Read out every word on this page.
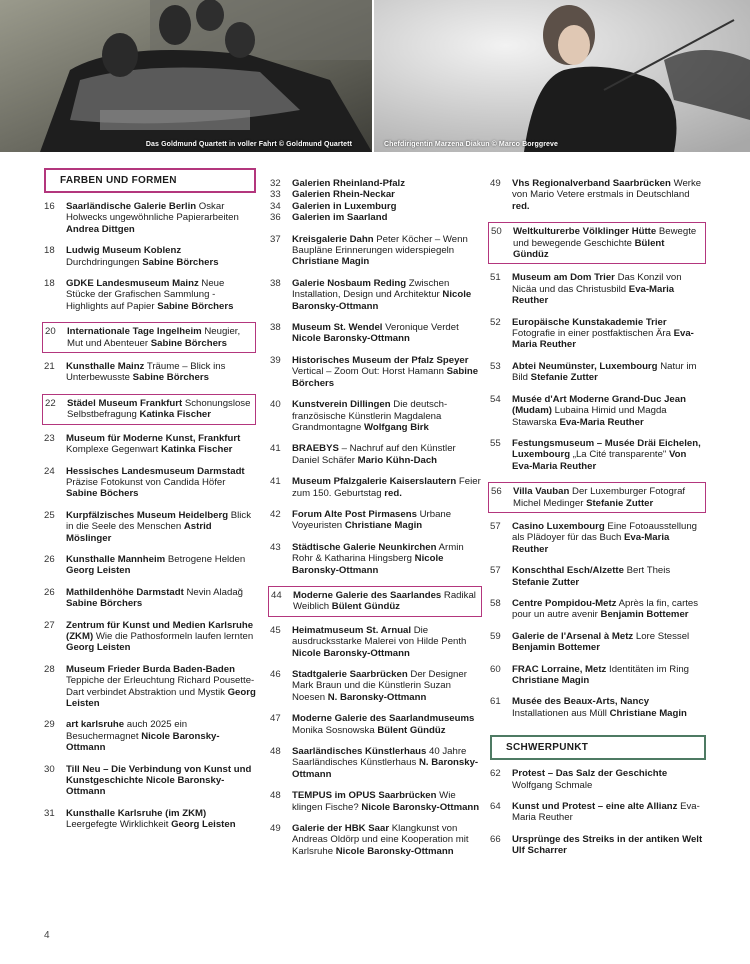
Das Goldmund Quartett in voller Fahrt © Goldmund Quartett	Chefdirigentin Marzena Diakun © Marco Borggreve
FARBEN UND FORMEN
16	Saarländische Galerie Berlin Oskar Holwecks ungewöhnliche Papierarbeiten Andrea Dittgen
18	Ludwig Museum Koblenz Durchdringungen Sabine Börchers
18	GDKE Landesmuseum Mainz Neue Stücke der Grafischen Sammlung - Highlights auf Papier Sabine Börchers
20	Internationale Tage Ingelheim Neugier, Mut und Abenteuer Sabine Börchers
21	Kunsthalle Mainz Träume – Blick ins Unterbewusste Sabine Börchers
22	Städel Museum Frankfurt Schonungslose Selbstbefragung Katinka Fischer
23	Museum für Moderne Kunst, Frankfurt Komplexe Gegenwart Katinka Fischer
24	Hessisches Landesmuseum Darmstadt Präzise Fotokunst von Candida Höfer Sabine Böchers
25	Kurpfälzisches Museum Heidelberg Blick in die Seele des Menschen Astrid Möslinger
26	Kunsthalle Mannheim Betrogene Helden Georg Leisten
26	Mathildenhöhe Darmstadt Nevin Aladağ Sabine Börchers
27	Zentrum für Kunst und Medien Karlsruhe (ZKM) Wie die Pathosformeln laufen lernten Georg Leisten
28	Museum Frieder Burda Baden-Baden Teppiche der Erleuchtung Richard Pousette-Dart verbindet Abstraktion und Mystik Georg Leisten
29	art karlsruhe auch 2025 ein Besuchermagnet Nicole Baronsky-Ottmann
30	Till Neu – Die Verbindung von Kunst und Kunstgeschichte Nicole Baronsky-Ottmann
31	Kunsthalle Karlsruhe (im ZKM) Leergefegte Wirklichkeit Georg Leisten
32	Galerien Rheinland-Pfalz
33	Galerien Rhein-Neckar
34	Galerien in Luxemburg
36	Galerien im Saarland
37	Kreisgalerie Dahn Peter Köcher – Wenn Baupläne Erinnerungen widerspiegeln Christiane Magin
38	Galerie Nosbaum Reding Zwischen Installation, Design und Architektur Nicole Baronsky-Ottmann
38	Museum St. Wendel Veronique Verdet Nicole Baronsky-Ottmann
39	Historisches Museum der Pfalz Speyer Vertical – Zoom Out: Horst Hamann Sabine Börchers
40	Kunstverein Dillingen Die deutsch-französische Künstlerin Magdalena Grandmontagne Wolfgang Birk
41	BRAEBYS – Nachruf auf den Künstler Daniel Schäfer Mario Kühn-Dach
41	Museum Pfalzgalerie Kaiserslautern Feier zum 150. Geburtstag red.
42	Forum Alte Post Pirmasens Urbane Voyeuristen Christiane Magin
43	Städtische Galerie Neunkirchen Armin Rohr & Katharina Hingsberg Nicole Baronsky-Ottmann
44	Moderne Galerie des Saarlandes Radikal Weiblich Bülent Gündüz
45	Heimatmuseum St. Arnual Die ausdrucksstarke Malerei von Hilde Penth Nicole Baronsky-Ottmann
46	Stadtgalerie Saarbrücken Der Designer Mark Braun und die Künstlerin Suzan Noesen N. Baronsky-Ottmann
47	Moderne Galerie des Saarlandmuseums Monika Sosnowska Bülent Gündüz
48	Saarländisches Künstlerhaus 40 Jahre Saarländisches Künstlerhaus N. Baronsky-Ottmann
48	TEMPUS im OPUS Saarbrücken Wie klingen Fische? Nicole Baronsky-Ottmann
49	Galerie der HBK Saar Klangkunst von Andreas Oldörp und eine Kooperation mit Karlsruhe Nicole Baronsky-Ottmann
49	Vhs Regionalverband Saarbrücken Werke von Mario Vetere erstmals in Deutschland red.
50	Weltkulturerbe Völklinger Hütte Bewegte und bewegende Geschichte Bülent Gündüz
51	Museum am Dom Trier Das Konzil von Nicäa und das Christusbild Eva-Maria Reuther
52	Europäische Kunstakademie Trier Fotografie in einer postfaktischen Ära Eva-Maria Reuther
53	Abtei Neumünster, Luxembourg Natur im Bild Stefanie Zutter
54	Musée d'Art Moderne Grand-Duc Jean (Mudam) Lubaina Himid und Magda Stawarska Eva-Maria Reuther
55	Festungsmuseum – Musée Dräi Eichelen, Luxembourg „La Cité transparente" Von Eva-Maria Reuther
56	Villa Vauban Der Luxemburger Fotograf Michel Medinger Stefanie Zutter
57	Casino Luxembourg Eine Fotoausstellung als Plädoyer für das Buch Eva-Maria Reuther
57	Konschthal Esch/Alzette Bert Theis Stefanie Zutter
58	Centre Pompidou-Metz Après la fin, cartes pour un autre avenir Benjamin Bottemer
59	Galerie de l'Arsenal à Metz Lore Stessel Benjamin Bottemer
60	FRAC Lorraine, Metz Identitäten im Ring Christiane Magin
61	Musée des Beaux-Arts, Nancy Installationen aus Müll Christiane Magin
SCHWERPUNKT
62	Protest – Das Salz der Geschichte Wolfgang Schmale
64	Kunst und Protest – eine alte Allianz Eva-Maria Reuther
66	Ursprünge des Streiks in der antiken Welt Ulf Scharrer
4
